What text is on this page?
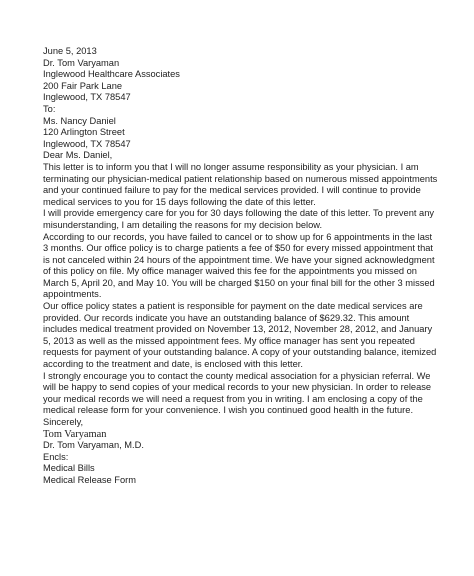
June 5, 2013
Dr. Tom Varyaman
Inglewood Healthcare Associates
200 Fair Park Lane
Inglewood, TX 78547
To:
Ms. Nancy Daniel
120 Arlington Street
Inglewood, TX 78547
Dear Ms. Daniel,
This letter is to inform you that I will no longer assume responsibility as your physician. I am terminating our physician-medical patient relationship based on numerous missed appointments and your continued failure to pay for the medical services provided. I will continue to provide medical services to you for 15 days following the date of this letter.
I will provide emergency care for you for 30 days following the date of this letter. To prevent any misunderstanding, I am detailing the reasons for my decision below.
According to our records, you have failed to cancel or to show up for 6 appointments in the last 3 months. Our office policy is to charge patients a fee of $50 for every missed appointment that is not canceled within 24 hours of the appointment time. We have your signed acknowledgment of this policy on file. My office manager waived this fee for the appointments you missed on March 5, April 20, and May 10. You will be charged $150 on your final bill for the other 3 missed appointments.
Our office policy states a patient is responsible for payment on the date medical services are provided. Our records indicate you have an outstanding balance of $629.32. This amount includes medical treatment provided on November 13, 2012, November 28, 2012, and January 5, 2013 as well as the missed appointment fees. My office manager has sent you repeated requests for payment of your outstanding balance. A copy of your outstanding balance, itemized according to the treatment and date, is enclosed with this letter.
I strongly encourage you to contact the county medical association for a physician referral. We will be happy to send copies of your medical records to your new physician. In order to release your medical records we will need a request from you in writing. I am enclosing a copy of the medical release form for your convenience. I wish you continued good health in the future.
Sincerely,
Tom Varyaman
Dr. Tom Varyaman, M.D.
Encls:
Medical Bills
Medical Release Form
